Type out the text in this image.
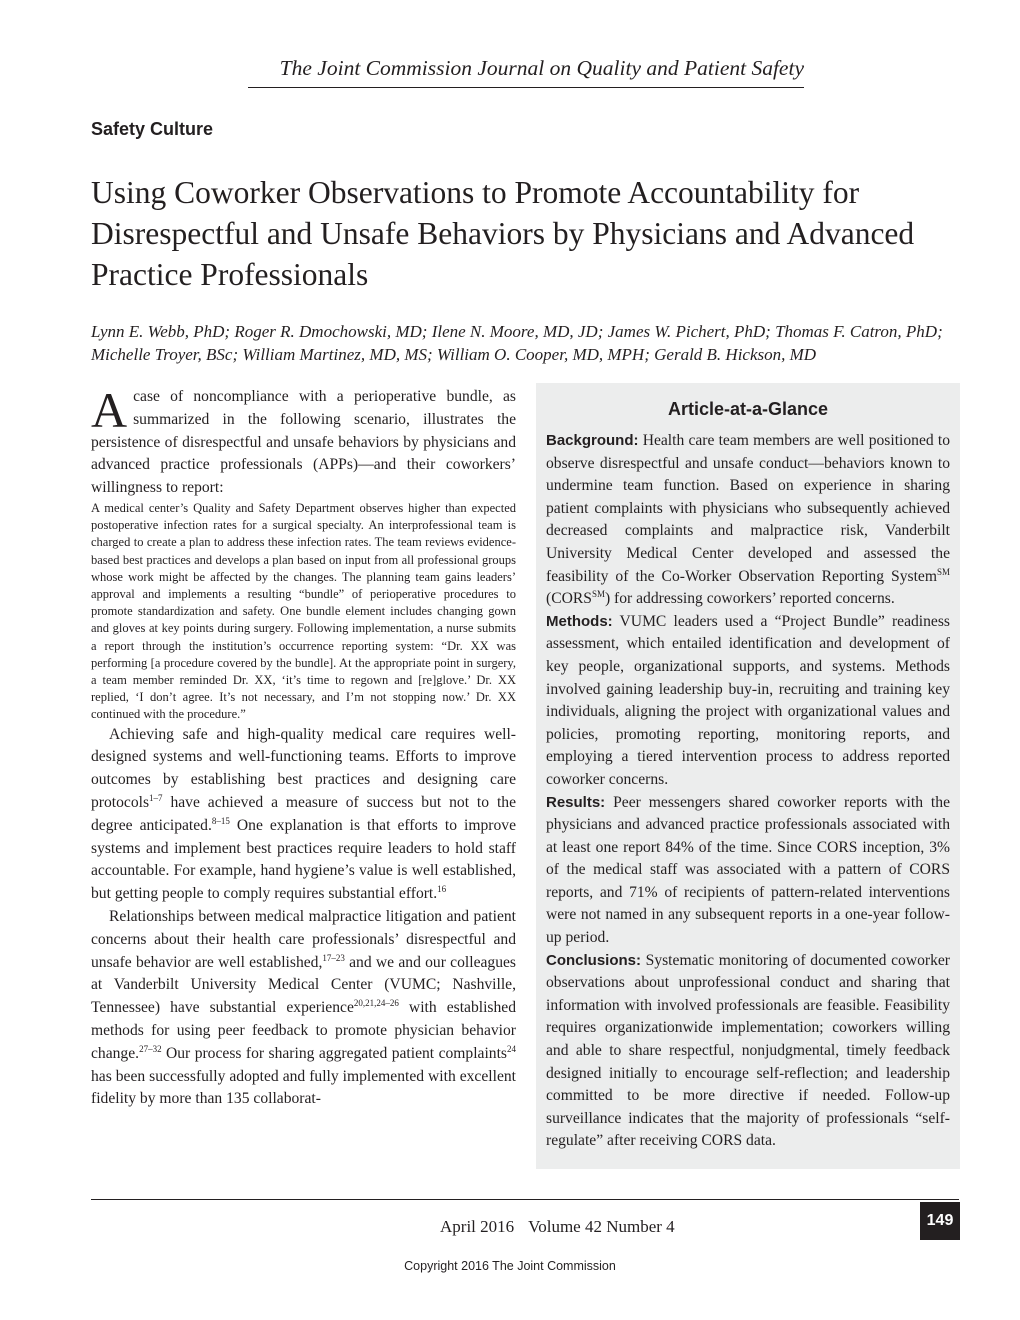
The Joint Commission Journal on Quality and Patient Safety
Safety Culture
Using Coworker Observations to Promote Accountability for Disrespectful and Unsafe Behaviors by Physicians and Advanced Practice Professionals
Lynn E. Webb, PhD; Roger R. Dmochowski, MD; Ilene N. Moore, MD, JD; James W. Pichert, PhD; Thomas F. Catron, PhD; Michelle Troyer, BSc; William Martinez, MD, MS; William O. Cooper, MD, MPH; Gerald B. Hickson, MD

Acase of noncompliance with a perioperative bundle, as summarized in the following scenario, illustrates the persistence of disrespectful and unsafe behaviors by physicians and advanced practice professionals (APPs)—and their coworkers’ willingness to report:

A medical center’s Quality and Safety Department observes higher than expected postoperative infection rates for a surgical specialty. An interprofessional team is charged to create a plan to address these infection rates. The team reviews evidence-based best practices and develops a plan based on input from all professional groups whose work might be affected by the changes. The planning team gains leaders’ approval and implements a resulting “bundle” of perioperative procedures to promote standardization and safety. One bundle element includes changing gown and gloves at key points during surgery. Following implementation, a nurse submits a report through the institution’s occurrence reporting system: “Dr. XX was performing [a procedure covered by the bundle]. At the appropriate point in surgery, a team member reminded Dr. XX, ‘it’s time to regown and [re]glove.’ Dr. XX replied, ‘I don’t agree. It’s not necessary, and I’m not stopping now.’ Dr. XX continued with the procedure.”

Achieving safe and high-quality medical care requires well-designed systems and well-functioning teams. Efforts to improve outcomes by establishing best practices and designing care protocols$^{1-7}$ have achieved a measure of success but not to the degree anticipated.$^{8-15}$ One explanation is that efforts to improve systems and implement best practices require leaders to hold staff accountable. For example, hand hygiene’s value is well established, but getting people to comply requires substantial effort.$^{16}$

Relationships between medical malpractice litigation and patient concerns about their health care professionals’ disrespectful and unsafe behavior are well established,$^{17-23}$ and we and our colleagues at Vanderbilt University Medical Center (VUMC; Nashville, Tennessee) have substantial experience$^{20,21,24-26}$ with established methods for using peer feedback to promote physician behavior change.$^{27-32}$ Our process for sharing aggregated patient complaints$^{24}$ has been successfully adopted and fully implemented with excellent fidelity by more than 135 collaborat-

Article-at-a-Glance

Background: Health care team members are well positioned to observe disrespectful and unsafe conduct—behaviors known to undermine team function. Based on experience in sharing patient complaints with physicians who subsequently achieved decreased complaints and malpractice risk, Vanderbilt University Medical Center developed and assessed the feasibility of the Co-Worker Observation Reporting System℠ (CORS℠) for addressing coworkers’ reported concerns.

Methods: VUMC leaders used a “Project Bundle” readiness assessment, which entailed identification and development of key people, organizational supports, and systems. Methods involved gaining leadership buy-in, recruiting and training key individuals, aligning the project with organizational values and policies, promoting reporting, monitoring reports, and employing a tiered intervention process to address reported coworker concerns.

Results: Peer messengers shared coworker reports with the physicians and advanced practice professionals associated with at least one report 84% of the time. Since CORS inception, 3% of the medical staff was associated with a pattern of CORS reports, and 71% of recipients of pattern-related interventions were not named in any subsequent reports in a one-year follow-up period.

Conclusions: Systematic monitoring of documented coworker observations about unprofessional conduct and sharing that information with involved professionals are feasible. Feasibility requires organizationwide implementation; coworkers willing and able to share respectful, nonjudgmental, timely feedback designed initially to encourage self-reflection; and leadership committed to be more directive if needed. Follow-up surveillance indicates that the majority of professionals “self-regulate” after receiving CORS data.

April 2016 Volume 42 Number 4	149
Copyright 2016 The Joint Commission
